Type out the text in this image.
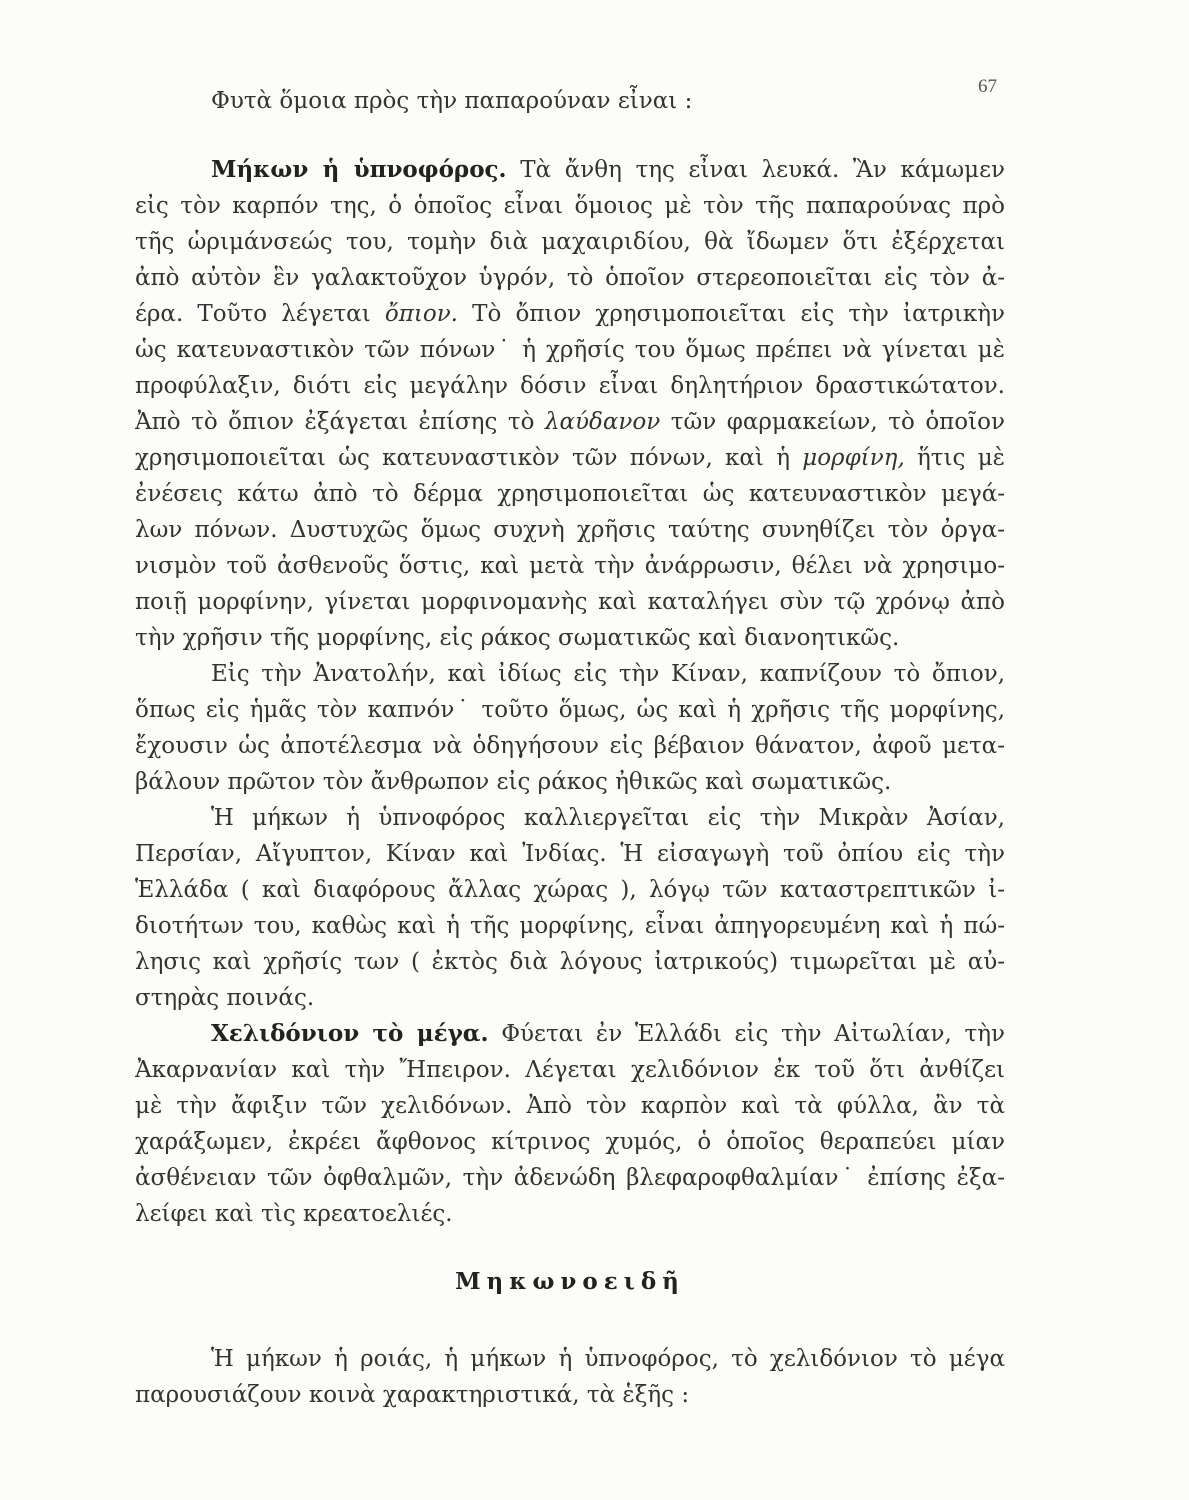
67
Φυτὰ ὅμοια πρὸς τὴν παπαρούναν εἶναι :
Μήκων ἡ ὑπνοφόρος. Τὰ ἄνθη της εἶναι λευκά. Ἂν κάμωμεν
εἰς τὸν καρπόν της, ὁ ὁποῖος εἶναι ὅμοιος μὲ τὸν τῆς παπαρούνας πρὸ
τῆς ὡριμάνσεώς του, τομὴν διὰ μαχαιριδίου, θὰ ἴδωμεν ὅτι ἐξέρχεται
ἀπὸ αὐτὸν ἓν γαλακτοῦχον ὑγρόν, τὸ ὁποῖον στερεοποιεῖται εἰς τὸν ἀ-
έρα. Τοῦτο λέγεται ὄπιον. Τὸ ὄπιον χρησιμοποιεῖται εἰς τὴν ἰατρικὴν
ὡς κατευναστικὸν τῶν πόνων˙ ἡ χρῆσίς του ὅμως πρέπει νὰ γίνεται μὲ
προφύλαξιν, διότι εἰς μεγάλην δόσιν εἶναι δηλητήριον δραστικώτατον.
Ἀπὸ τὸ ὄπιον ἐξάγεται ἐπίσης τὸ λαύδανον τῶν φαρμακείων, τὸ ὁποῖον
χρησιμοποιεῖται ὡς κατευναστικὸν τῶν πόνων, καὶ ἡ μορφίνη, ἥτις μὲ
ἐνέσεις κάτω ἀπὸ τὸ δέρμα χρησιμοποιεῖται ὡς κατευναστικὸν μεγά-
λων πόνων. Δυστυχῶς ὅμως συχνὴ χρῆσις ταύτης συνηθίζει τὸν ὀργα-
νισμὸν τοῦ ἀσθενοῦς ὅστις, καὶ μετὰ τὴν ἀνάρρωσιν, θέλει νὰ χρησιμο-
ποιῇ μορφίνην, γίνεται μορφινομανὴς καὶ καταλήγει σὺν τῷ χρόνῳ ἀπὸ
τὴν χρῆσιν τῆς μορφίνης, εἰς ράκος σωματικῶς καὶ διανοητικῶς.
Εἰς τὴν Ἀνατολήν, καὶ ἰδίως εἰς τὴν Κίναν, καπνίζουν τὸ ὄπιον,
ὅπως εἰς ἡμᾶς τὸν καπνόν˙ τοῦτο ὅμως, ὡς καὶ ἡ χρῆσις τῆς μορφίνης,
ἔχουσιν ὡς ἀποτέλεσμα νὰ ὁδηγήσουν εἰς βέβαιον θάνατον, ἀφοῦ μετα-
βάλουν πρῶτον τὸν ἄνθρωπον εἰς ράκος ἠθικῶς καὶ σωματικῶς.
Ἡ μήκων ἡ ὑπνοφόρος καλλιεργεῖται εἰς τὴν Μικρὰν Ἀσίαν,
Περσίαν, Αἴγυπτον, Κίναν καὶ Ἰνδίας. Ἡ εἰσαγωγὴ τοῦ ὀπίου εἰς τὴν
Ἑλλάδα ( καὶ διαφόρους ἄλλας χώρας ), λόγῳ τῶν καταστρεπτικῶν ἰ-
διοτήτων του, καθὼς καὶ ἡ τῆς μορφίνης, εἶναι ἀπηγορευμένη καὶ ἡ πώ-
λησις καὶ χρῆσίς των ( ἐκτὸς διὰ λόγους ἰατρικούς) τιμωρεῖται μὲ αὐ-
στηρὰς ποινάς.
Χελιδόνιον τὸ μέγα. Φύεται ἐν Ἑλλάδι εἰς τὴν Αἰτωλίαν, τὴν
Ἀκαρνανίαν καὶ τὴν Ἤπειρον. Λέγεται χελιδόνιον ἐκ τοῦ ὅτι ἀνθίζει
μὲ τὴν ἄφιξιν τῶν χελιδόνων. Ἀπὸ τὸν καρπὸν καὶ τὰ φύλλα, ἂν τὰ
χαράξωμεν, ἐκρέει ἄφθονος κίτρινος χυμός, ὁ ὁποῖος θεραπεύει μίαν
ἀσθένειαν τῶν ὀφθαλμῶν, τὴν ἀδενώδη βλεφαροφθαλμίαν˙ ἐπίσης ἐξα-
λείφει καὶ τὶς κρεατοελιές.
Μηκωνοειδῆ
Ἡ μήκων ἡ ροιάς, ἡ μήκων ἡ ὑπνοφόρος, τὸ χελιδόνιον τὸ μέγα
παρουσιάζουν κοινὰ χαρακτηριστικά, τὰ ἑξῆς :
